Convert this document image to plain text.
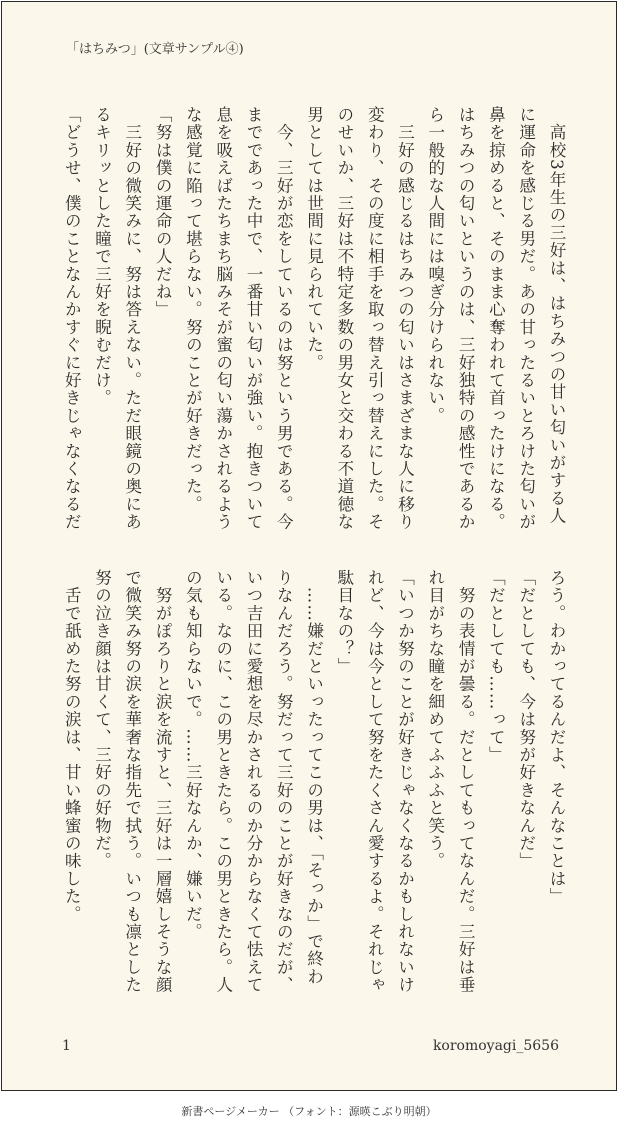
「はちみつ」(文章サンプル④)
　高校3年生の三好は、はちみつの甘い匂いがする人
に運命を感じる男だ。あの甘ったるいとろけた匂いが
鼻を掠めると、そのまま心奪われて首ったけになる。
はちみつの匂いというのは、三好独特の感性であるか
ら一般的な人間には嗅ぎ分けられない。
　三好の感じるはちみつの匂いはさまざまな人に移り
変わり、その度に相手を取っ替え引っ替えにした。そ
のせいか、三好は不特定多数の男女と交わる不道徳な
男としては世間に見られていた。
　今、三好が恋をしているのは努という男である。今
までであった中で、一番甘い匂いが強い。抱きついて
息を吸えばたちまち脳みそが蜜の匂い蕩かされるよう
な感覚に陥って堪らない。努のことが好きだった。
「努は僕の運命の人だね」
　三好の微笑みに、努は答えない。ただ眼鏡の奥にあ
るキリッとした瞳で三好を睨むだけ。
「どうせ、僕のことなんかすぐに好きじゃなくなるだ
ろう。わかってるんだよ、そんなことは」
「だとしても、今は努が好きなんだ」
「だとしても……って」
　努の表情が曇る。だとしてもってなんだ。三好は垂
れ目がちな瞳を細めてふふふと笑う。
「いつか努のことが好きじゃなくなるかもしれないけ
れど、今は今として努をたくさん愛するよ。それじゃ
駄目なの？」
　……嫌だといったってこの男は、「そっか」で終わ
りなんだろう。努だって三好のことが好きなのだが、
いつ吉田に愛想を尽かされるのか分からなくて怯えて
いる。なのに、この男ときたら。この男ときたら。人
の気も知らないで。……三好なんか、嫌いだ。
　努がぽろりと涙を流すと、三好は一層嬉しそうな顔
で微笑み努の涙を華奢な指先で拭う。いつも凛とした
努の泣き顔は甘くて、三好の好物だ。
　舌で舐めた努の涙は、甘い蜂蜜の味した。
1	koromoyagi_5656
新書ページメーカー （フォント：源暎こぶり明朝）
